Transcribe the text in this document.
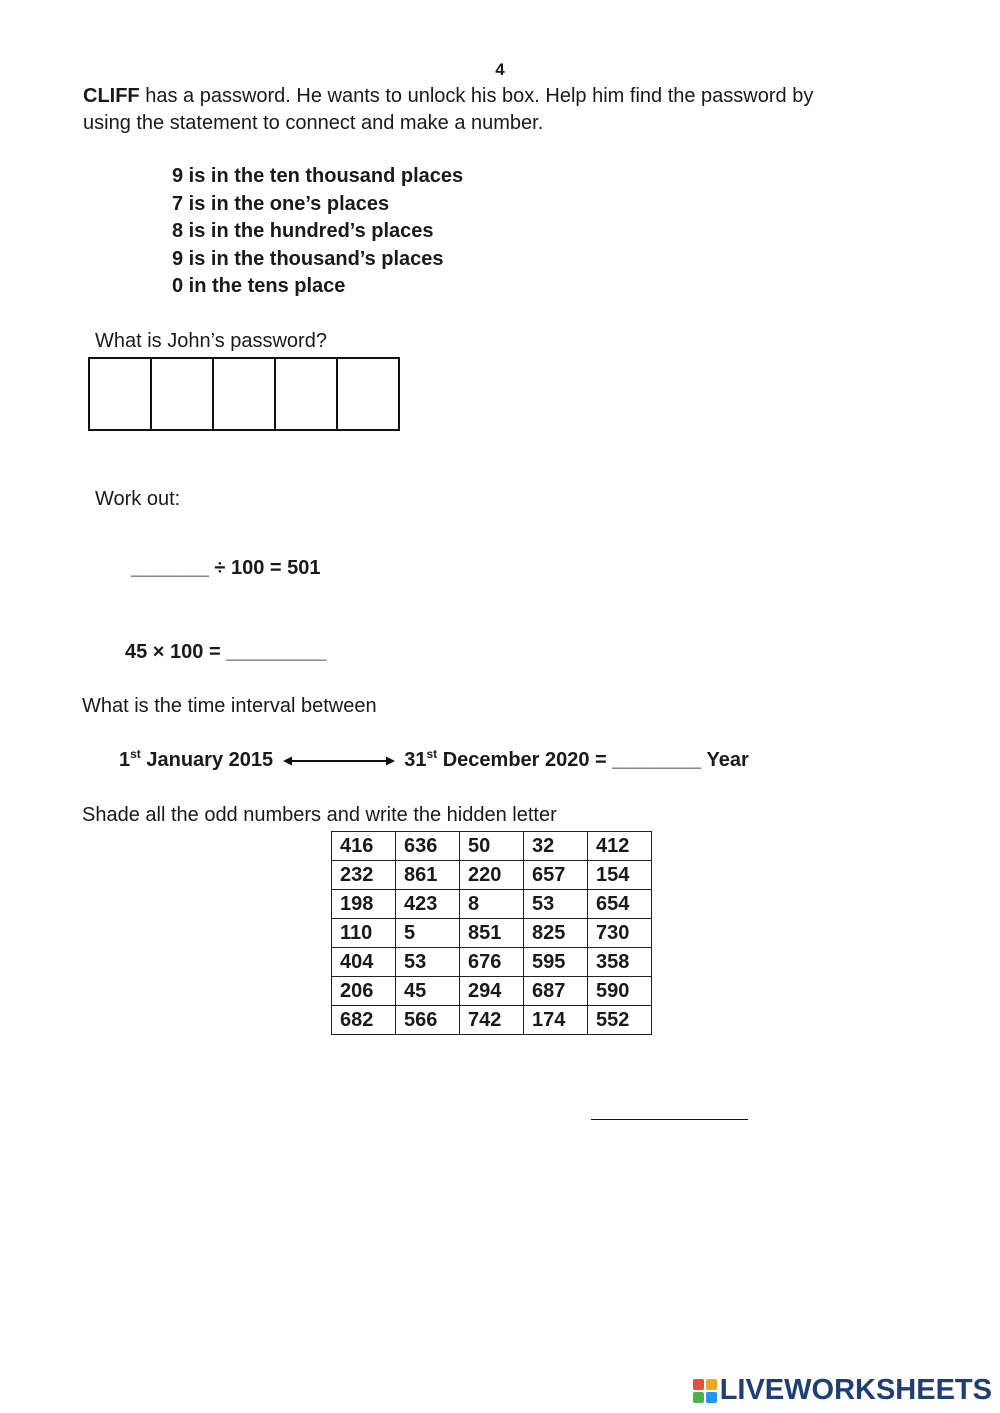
4
CLIFF has a password. He wants to unlock his box. Help him find the password by
using the statement to connect and make a number.
9 is in the ten thousand places
7 is in the one’s places
8 is in the hundred’s places
9 is in the thousand’s places
0 in the tens place
What is John’s password?
Work out:
_______ ÷ 100 = 501
45 × 100 = _________
What is the time interval between
1st January 2015	31st December 2020 = ________ Year
Shade all the odd numbers and write the hidden letter
416	636	50	32	412
232	861	220	657	154
198	423	8	53	654
110	5	851	825	730
404	53	676	595	358
206	45	294	687	590
682	566	742	174	552
LIVEWORKSHEETS
